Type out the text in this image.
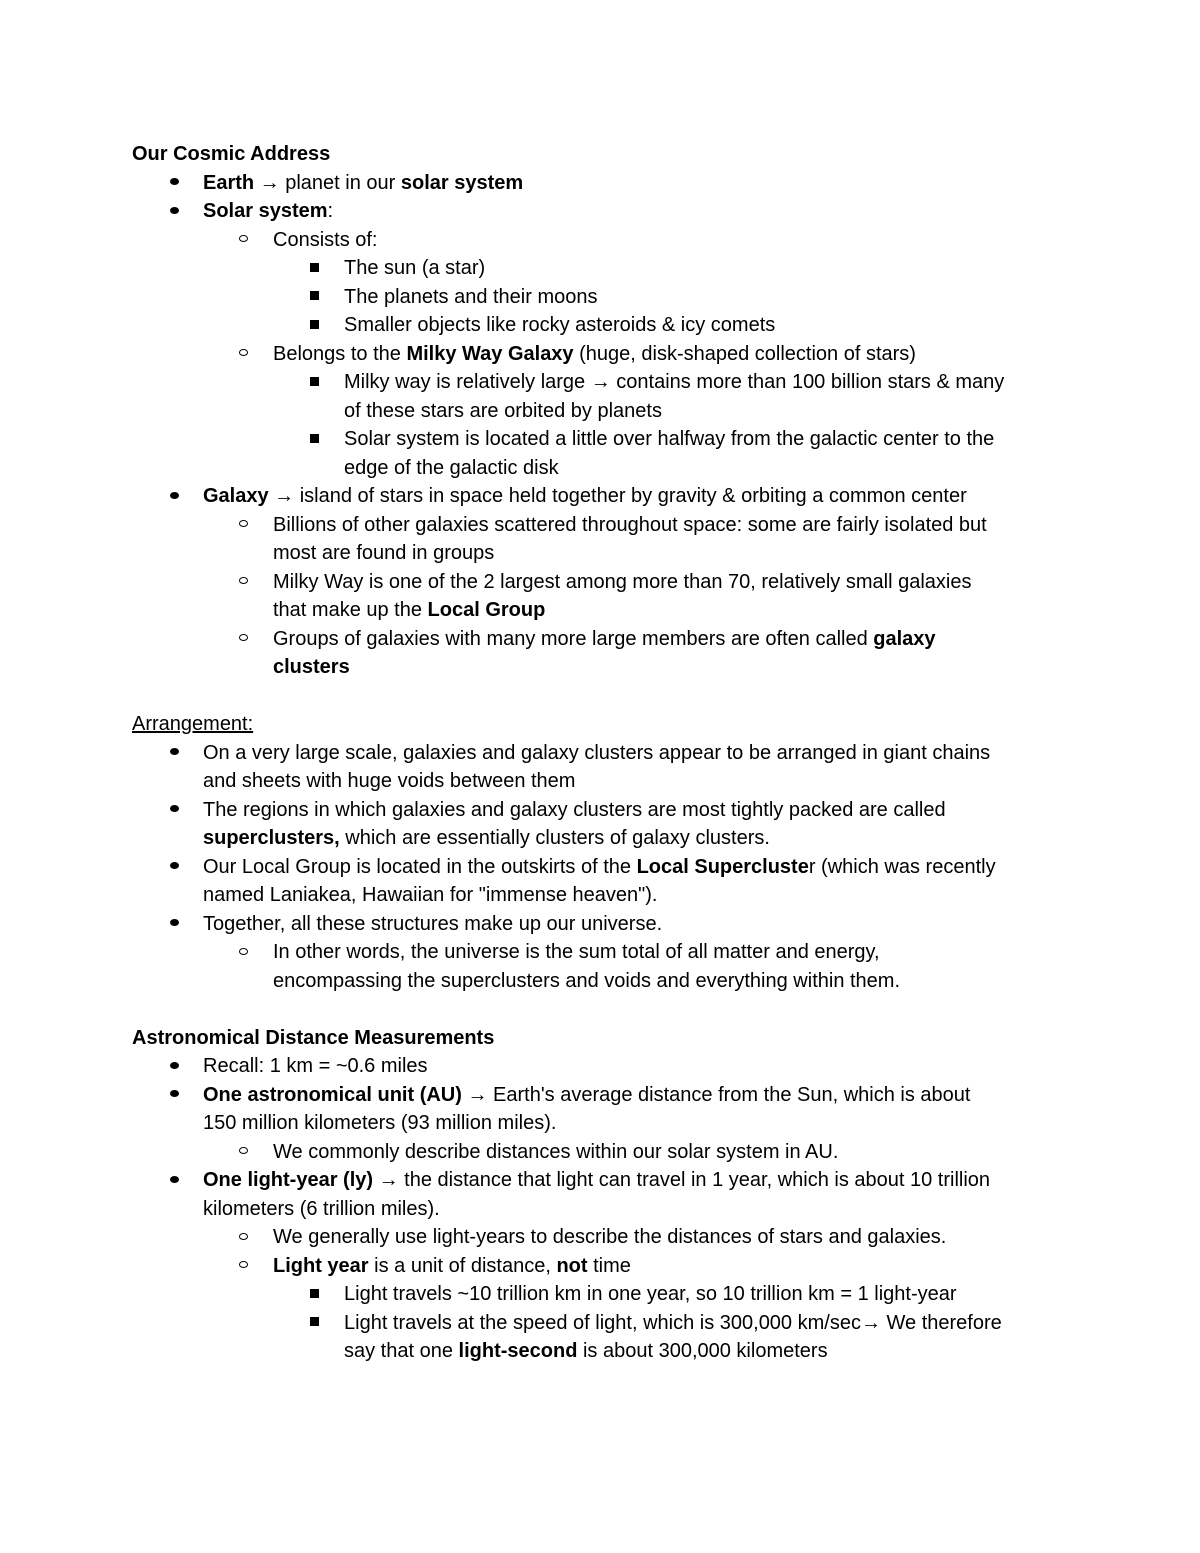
Our Cosmic Address
Earth → planet in our solar system
Solar system:
Consists of:
The sun (a star)
The planets and their moons
Smaller objects like rocky asteroids & icy comets
Belongs to the Milky Way Galaxy (huge, disk-shaped collection of stars)
Milky way is relatively large → contains more than 100 billion stars & many
of these stars are orbited by planets
Solar system is located a little over halfway from the galactic center to the
edge of the galactic disk
Galaxy → island of stars in space held together by gravity & orbiting a common center
Billions of other galaxies scattered throughout space: some are fairly isolated but
most are found in groups
Milky Way is one of the 2 largest among more than 70, relatively small galaxies
that make up the Local Group
Groups of galaxies with many more large members are often called galaxy
clusters
Arrangement:
On a very large scale, galaxies and galaxy clusters appear to be arranged in giant chains
and sheets with huge voids between them
The regions in which galaxies and galaxy clusters are most tightly packed are called
superclusters, which are essentially clusters of galaxy clusters.
Our Local Group is located in the outskirts of the Local Supercluster (which was recently
named Laniakea, Hawaiian for "immense heaven").
Together, all these structures make up our universe.
In other words, the universe is the sum total of all matter and energy,
encompassing the superclusters and voids and everything within them.
Astronomical Distance Measurements
Recall: 1 km = ~0.6 miles
One astronomical unit (AU) → Earth's average distance from the Sun, which is about
150 million kilometers (93 million miles).
We commonly describe distances within our solar system in AU.
One light-year (ly) → the distance that light can travel in 1 year, which is about 10 trillion
kilometers (6 trillion miles).
We generally use light-years to describe the distances of stars and galaxies.
Light year is a unit of distance, not time
Light travels ~10 trillion km in one year, so 10 trillion km = 1 light-year
Light travels at the speed of light, which is 300,000 km/sec→ We therefore
say that one light-second is about 300,000 kilometers
